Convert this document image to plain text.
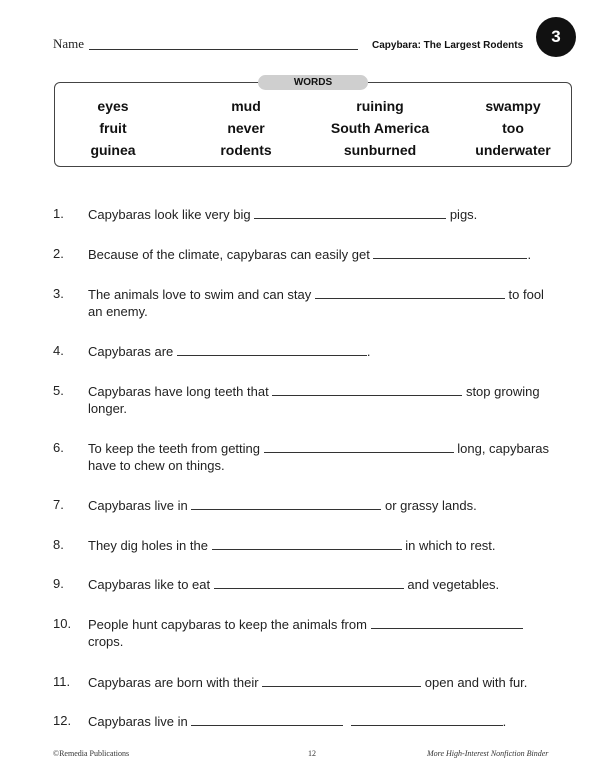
Name	Capybara: The Largest Rodents	3
WORDS
eyes	mud	ruining	swampy
fruit	never	South America	too
guinea	rodents	sunburned	underwater
1. Capybaras look like very big	pigs.
2. Because of the climate, capybaras can easily get	.
3. The animals love to swim and can stay	to fool
an enemy.
4. Capybaras are	.
5. Capybaras have long teeth that	stop growing
longer.
6. To keep the teeth from getting	long, capybaras
have to chew on things.
7. Capybaras live in	or grassy lands.
8. They dig holes in the	in which to rest.
9. Capybaras like to eat	and vegetables.
10. People hunt capybaras to keep the animals from
crops.
11. Capybaras are born with their	open and with fur.
12. Capybaras live in	.
©Remedia Publications	12	More High-Interest Nonfiction Binder
